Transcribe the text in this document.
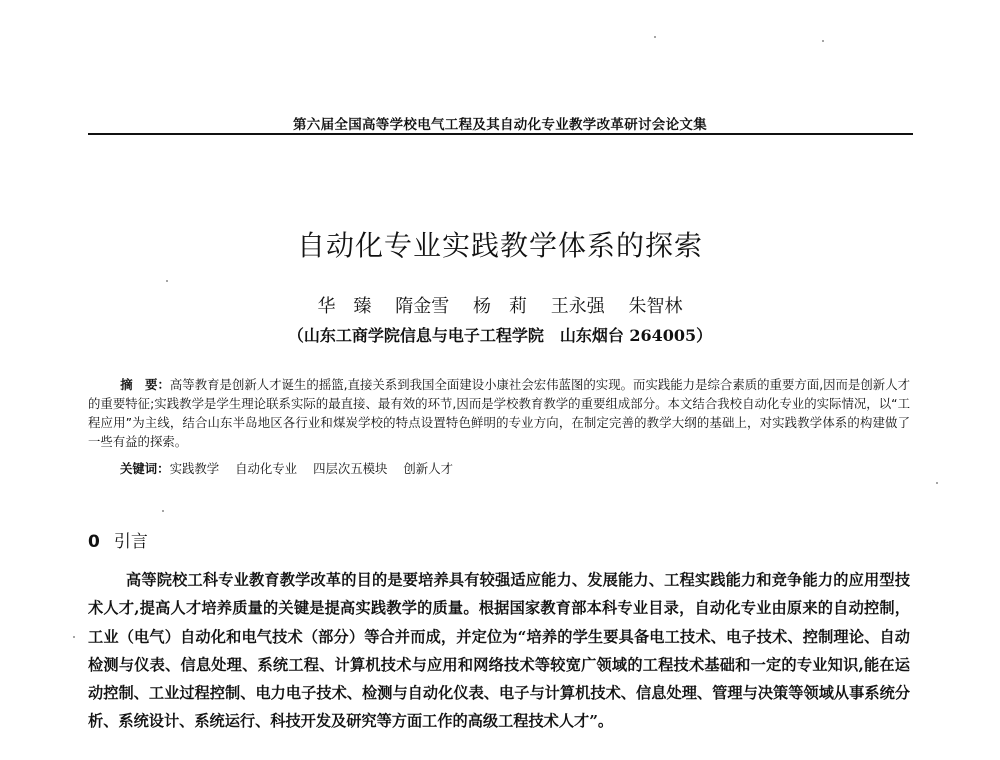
第六届全国高等学校电气工程及其自动化专业教学改革研讨会论文集
自动化专业实践教学体系的探索
华　臻 隋金雪 杨　莉 王永强 朱智林
（山东工商学院信息与电子工程学院　山东烟台 264005）
摘　要：高等教育是创新人才诞生的摇篮,直接关系到我国全面建设小康社会宏伟蓝图的实现。而实践能力是综合素质的重要方面,因而是创新人才的重要特征;实践教学是学生理论联系实际的最直接、最有效的环节,因而是学校教育教学的重要组成部分。本文结合我校自动化专业的实际情况，以“工程应用”为主线，结合山东半岛地区各行业和煤炭学校的特点设置特色鲜明的专业方向，在制定完善的教学大纲的基础上，对实践教学体系的构建做了一些有益的探索。
关键词：实践教学 自动化专业 四层次五模块 创新人才
0 引言
高等院校工科专业教育教学改革的目的是要培养具有较强适应能力、发展能力、工程实践能力和竞争能力的应用型技术人才,提高人才培养质量的关键是提高实践教学的质量。根据国家教育部本科专业目录，自动化专业由原来的自动控制，工业（电气）自动化和电气技术（部分）等合并而成，并定位为“培养的学生要具备电工技术、电子技术、控制理论、自动检测与仪表、信息处理、系统工程、计算机技术与应用和网络技术等较宽广领域的工程技术基础和一定的专业知识,能在运动控制、工业过程控制、电力电子技术、检测与自动化仪表、电子与计算机技术、信息处理、管理与决策等领域从事系统分析、系统设计、系统运行、科技开发及研究等方面工作的高级工程技术人才”。
